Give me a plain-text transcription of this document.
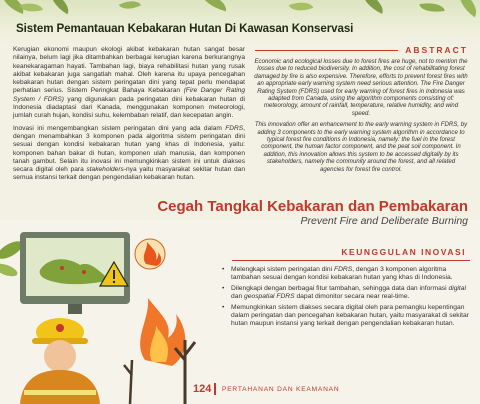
Sistem Pemantauan Kebakaran Hutan Di Kawasan Konservasi

Kerugian ekonomi maupun ekologi akibat kebakaran hutan sangat besar nilainya, belum lagi jika ditambahkan berbagai kerugian karena berkurangnya keanekaragaman hayati. Tambahan lagi, biaya rehabilitasi hutan yang rusak akibat kebakaran juga sangatlah mahal. Oleh karena itu upaya pencegahan kebakaran hutan dengan sistem peringatan dini yang tepat perlu mendapat perhatian serius. Sistem Peringkat Bahaya Kebakaran (Fire Danger Rating System / FDRS) yang digunakan pada peringatan dini kebakaran hutan di Indonesia diadaptasi dari Kanada, menggunakan komponen meteorologi, jumlah curah hujan, kondisi suhu, kelembaban relatif, dan kecepatan angin.

Inovasi ini mengembangkan sistem peringatan dini yang ada dalam FDRS, dengan menambahkan 3 komponen pada algoritma sistem peringatan dini sesuai dengan kondisi kebakaran hutan yang khas di Indonesia, yaitu: komponen bahan bakar di hutan, komponen ulah manusia, dan komponen tanah gambut. Selain itu inovasi ini memungkinkan sistem ini untuk diakses secara digital oleh para stakeholders-nya yaitu masyarakat sekitar hutan dan semua instansi terkait dengan pengendalian kebakaran hutan.

ABSTRACT

Economic and ecological losses due to forest fires are huge, not to mention the losses due to reduced biodiversity. In addition, the cost of rehabilitating forest damaged by fire is also expensive. Therefore, efforts to prevent forest fires with an appropriate early warning system need serious attention. The Fire Danger Rating System (FDRS) used for early warning of forest fires in Indonesia was adapted from Canada, using the algorithm components consisting of: meteorology, amount of rainfall, temperature, relative humidity, and wind speed.

This innovation offer an enhancement to the early warning system in FDRS, by adding 3 components to the early warning system algorithm in accordance to typical forest fire conditions in Indonesia, namely: the fuel in the forest component, the human factor component, and the peat soil component. In addition, this innovation allows this system to be accessed digitally by its stakeholders, namely the community around the forest, and all related agencies for forest fire control.

Cegah Tangkal Kebakaran dan Pembakaran
Prevent Fire and Deliberate Burning
KEUNGGULAN INOVASI
• Melengkapi sistem peringatan dini FDRS, dengan 3 komponen algoritma tambahan sesuai dengan kondisi kebakaran hutan yang khas di Indonesia.
• Dilengkapi dengan berbagai fitur tambahan, sehingga data dan informasi digital dan geospatial FDRS dapat dimonitor secara near real-time.
• Memungkinkan sistem diakses secara digital oleh para pemangku kepentingan dalam peringatan dan pencegahan kebakaran hutan, yaitu masyarakat di sekitar hutan maupun instansi yang terkait dengan pengendalian kebakaran hutan.
124 PERTAHANAN DAN KEAMANAN
